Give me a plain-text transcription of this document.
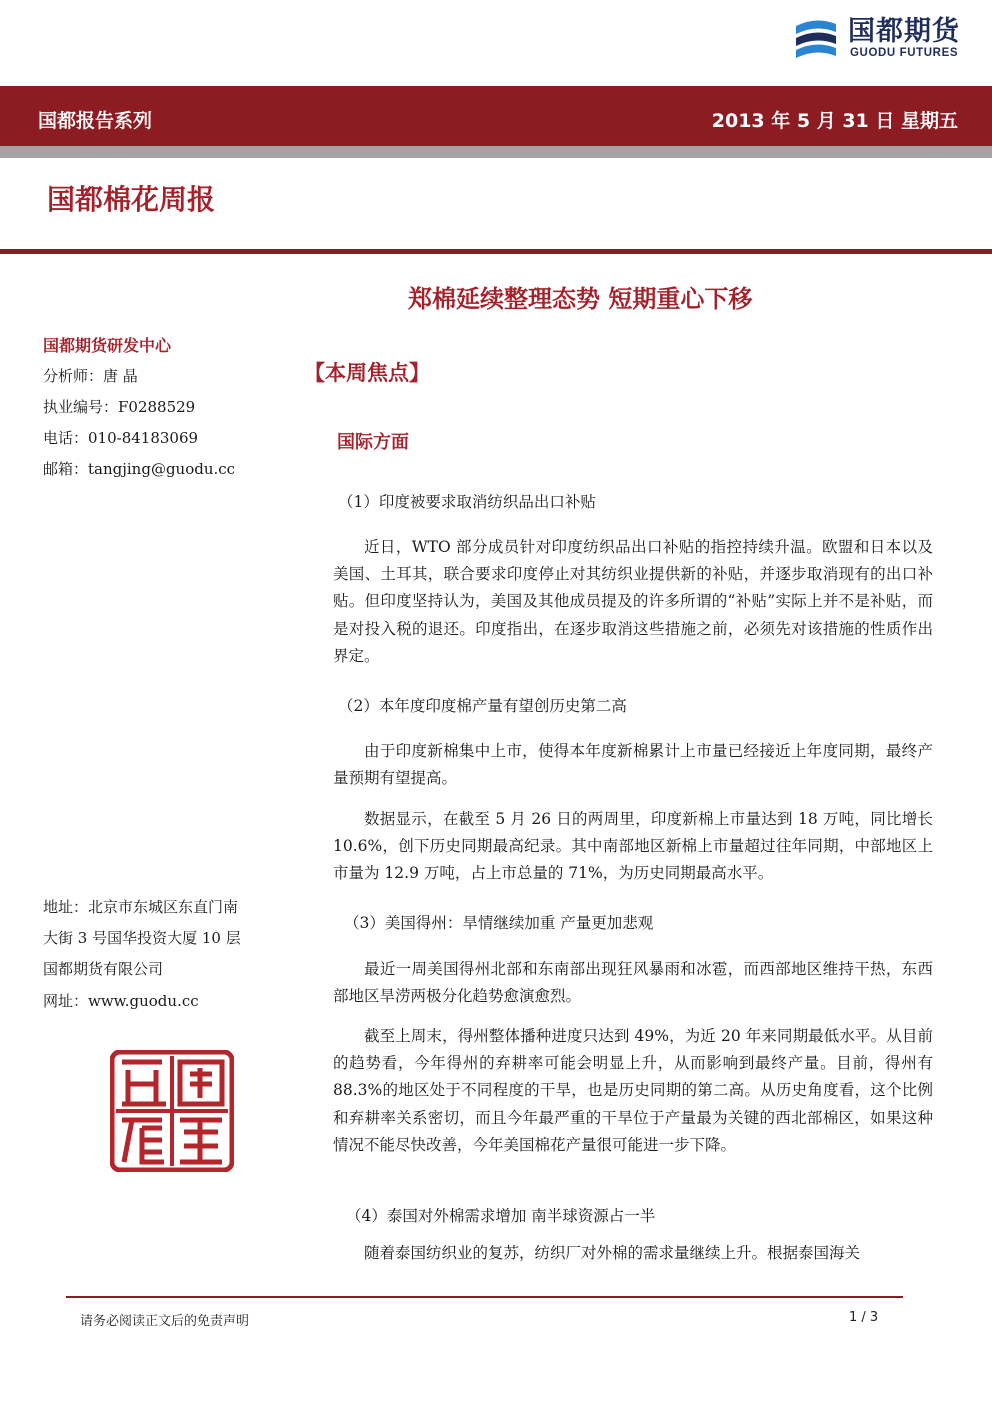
国都期货
GUODU FUTURES
国都报告系列	2013 年 5 月 31 日 星期五
国都棉花周报
郑棉延续整理态势 短期重心下移
国都期货研发中心
分析师：唐 晶
执业编号：F0288529
电话：010-84183069
邮箱：tangjing@guodu.cc
地址：北京市东城区东直门南
大街 3 号国华投资大厦 10 层
国都期货有限公司
网址：www.guodu.cc
【本周焦点】
国际方面
（1）印度被要求取消纺织品出口补贴
近日，WTO 部分成员针对印度纺织品出口补贴的指控持续升温。欧盟和日本以及美国、土耳其，联合要求印度停止对其纺织业提供新的补贴，并逐步取消现有的出口补贴。但印度坚持认为，美国及其他成员提及的许多所谓的“补贴”实际上并不是补贴，而是对投入税的退还。印度指出，在逐步取消这些措施之前，必须先对该措施的性质作出界定。
（2）本年度印度棉产量有望创历史第二高
由于印度新棉集中上市，使得本年度新棉累计上市量已经接近上年度同期，最终产量预期有望提高。
数据显示，在截至 5 月 26 日的两周里，印度新棉上市量达到 18 万吨，同比增长 10.6%，创下历史同期最高纪录。其中南部地区新棉上市量超过往年同期，中部地区上市量为 12.9 万吨，占上市总量的 71%，为历史同期最高水平。
（3）美国得州：旱情继续加重 产量更加悲观
最近一周美国得州北部和东南部出现狂风暴雨和冰雹，而西部地区维持干热，东西部地区旱涝两极分化趋势愈演愈烈。
截至上周末，得州整体播种进度只达到 49%，为近 20 年来同期最低水平。从目前的趋势看，今年得州的弃耕率可能会明显上升，从而影响到最终产量。目前，得州有 88.3%的地区处于不同程度的干旱，也是历史同期的第二高。从历史角度看，这个比例和弃耕率关系密切，而且今年最严重的干旱位于产量最为关键的西北部棉区，如果这种情况不能尽快改善，今年美国棉花产量很可能进一步下降。
（4）泰国对外棉需求增加 南半球资源占一半
随着泰国纺织业的复苏，纺织厂对外棉的需求量继续上升。根据泰国海关
请务必阅读正文后的免责声明	1 / 3
